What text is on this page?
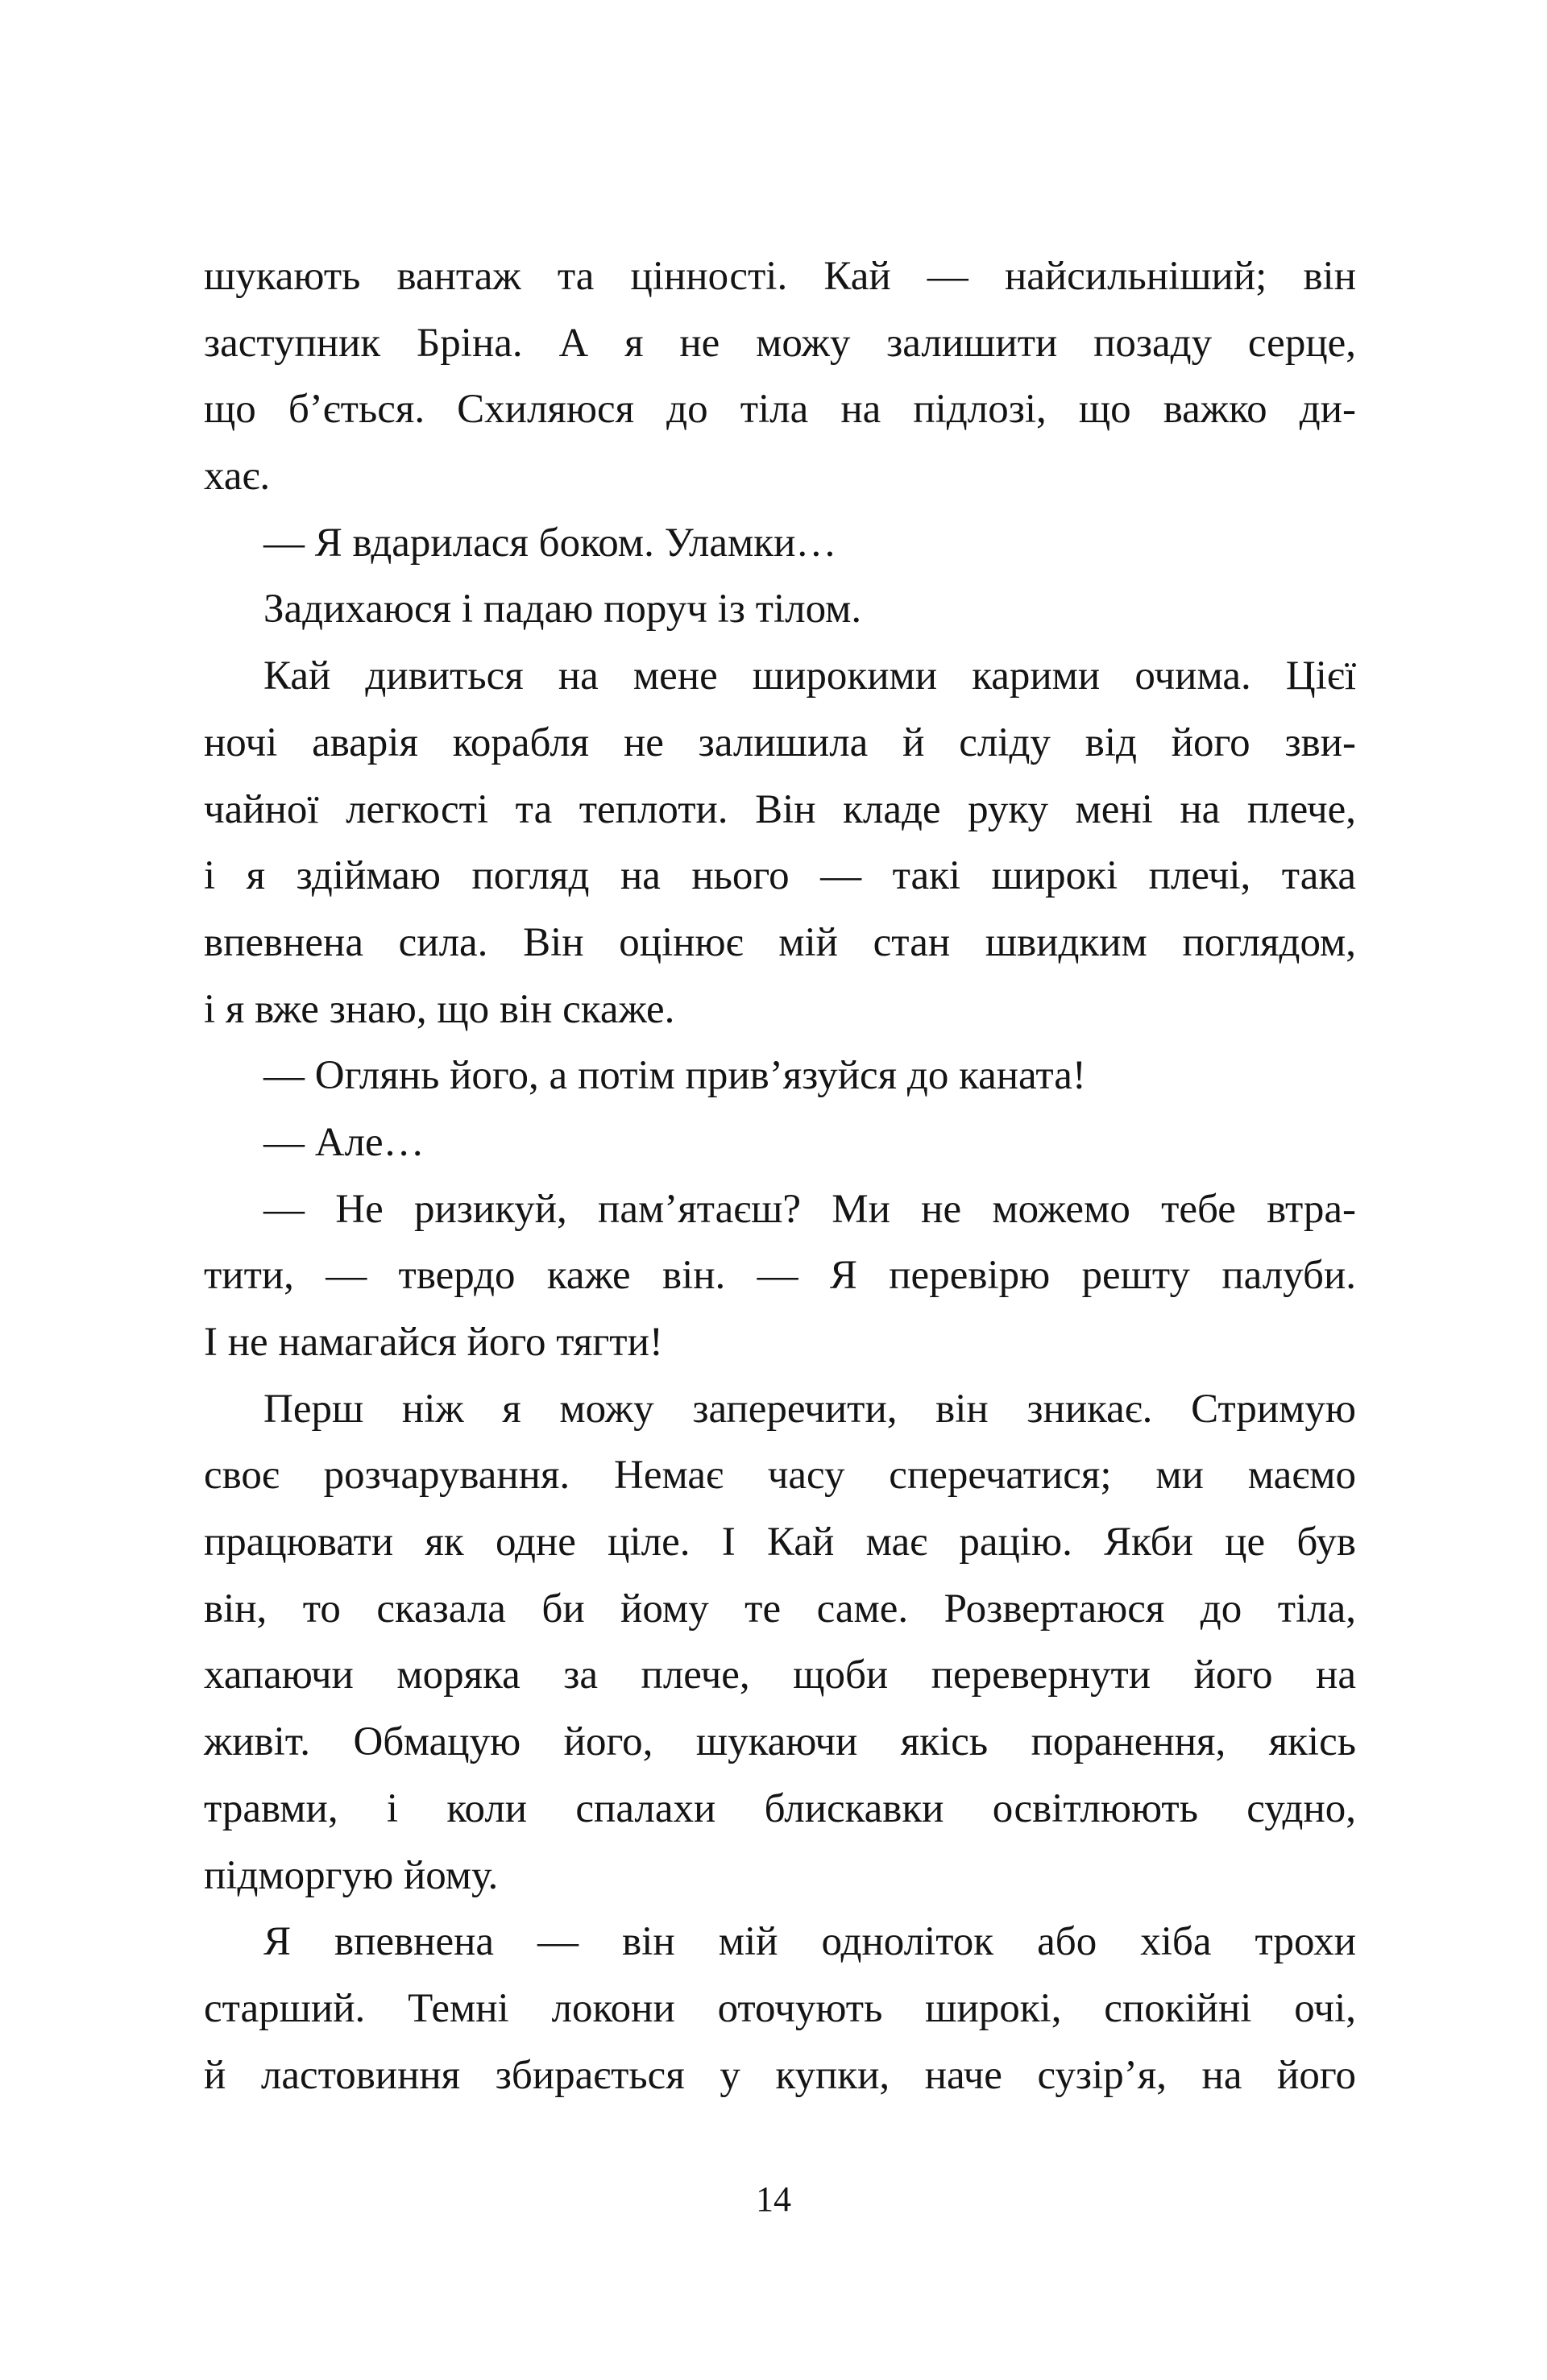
шукають вантаж та цінності. Кай — найсильніший; він
заступник Бріна. А я не можу залишити позаду серце,
що б’ється. Схиляюся до тіла на підлозі, що важко ди-
хає.
— Я вдарилася боком. Уламки…
Задихаюся і падаю поруч із тілом.
Кай дивиться на мене широкими карими очима. Цієї
ночі аварія корабля не залишила й сліду від його зви-
чайної легкості та теплоти. Він кладе руку мені на плече,
і я здіймаю погляд на нього — такі широкі плечі, така
впевнена сила. Він оцінює мій стан швидким поглядом,
і я вже знаю, що він скаже.
— Оглянь його, а потім прив’язуйся до каната!
— Але…
— Не ризикуй, пам’ятаєш? Ми не можемо тебе втра-
тити, — твердо каже він. — Я перевірю решту палуби.
І не намагайся його тягти!
Перш ніж я можу заперечити, він зникає. Стримую
своє розчарування. Немає часу сперечатися; ми маємо
працювати як одне ціле. І Кай має рацію. Якби це був
він, то сказала би йому те саме. Розвертаюся до тіла,
хапаючи моряка за плече, щоби перевернути його на
живіт. Обмацую його, шукаючи якісь поранення, якісь
травми, і коли спалахи блискавки освітлюють судно,
підморгую йому.
Я впевнена — він мій одноліток або хіба трохи
старший. Темні локони оточують широкі, спокійні очі,
й ластовиння збирається у купки, наче сузір’я, на його
14
